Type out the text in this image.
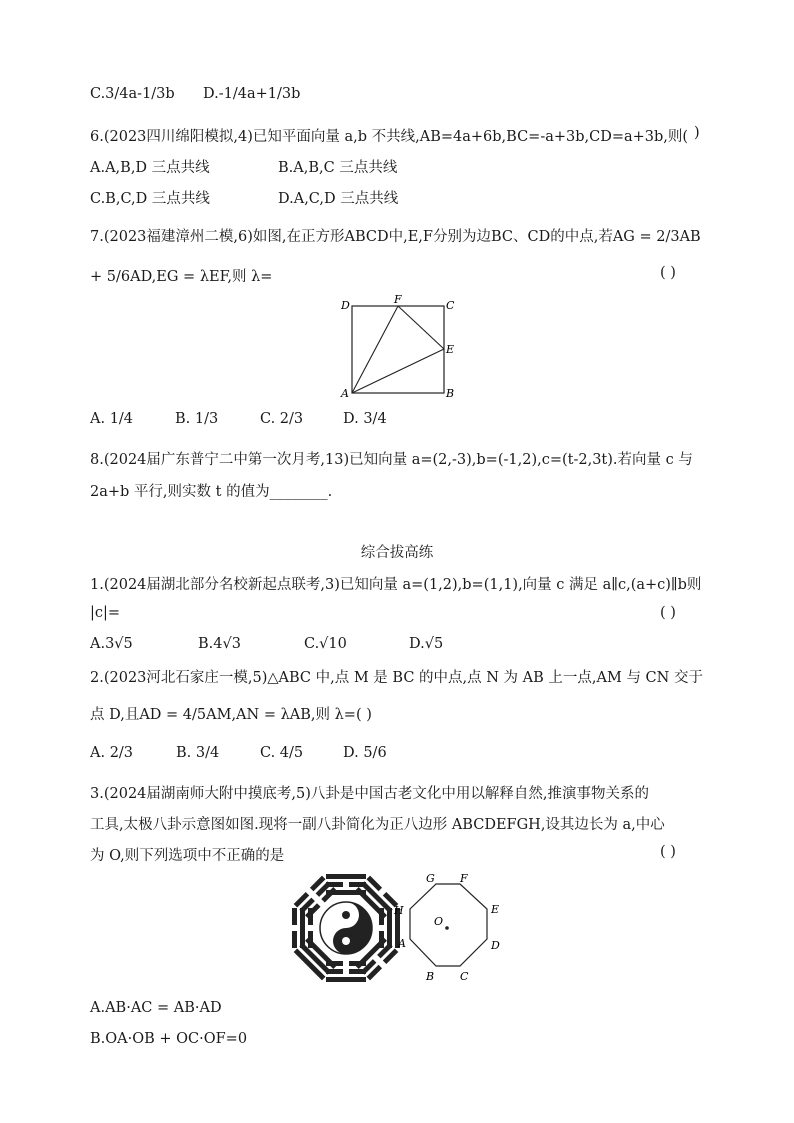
C.3/4a-1/3b D.-1/4a+1/3b
6.(2023四川绵阳模拟,4)已知平面向量 a,b 不共线,AB=4a+6b,BC=-a+3b,CD=a+3b,则( )
A.A,B,D 三点共线	B.A,B,C 三点共线
C.B,C,D 三点共线	D.A,C,D 三点共线
7.(2023福建漳州二模,6)如图,在正方形ABCD中,E,F分别为边BC、CD的中点,若AG = 2/3AB
+ 5/6AD,EG = λEF,则 λ=	( )
D	F	C
E
A	B
A. 1/4	B. 1/3	C. 2/3	D. 3/4
8.(2024届广东普宁二中第一次月考,13)已知向量 a=(2,-3),b=(-1,2),c=(t-2,3t).若向量 c 与
2a+b 平行,则实数 t 的值为________.
综合拔高练
1.(2024届湖北部分名校新起点联考,3)已知向量 a=(1,2),b=(1,1),向量 c 满足 a∥c,(a+c)∥b则
|c|=	( )
A.3√5	B.4√3	C.√10	D.√5
2.(2023河北石家庄一模,5)△ABC 中,点 M 是 BC 的中点,点 N 为 AB 上一点,AM 与 CN 交于
点 D,且AD = 4/5AM,AN = λAB,则 λ=( )
A. 2/3	B. 3/4	C. 4/5	D. 5/6
3.(2024届湖南师大附中摸底考,5)八卦是中国古老文化中用以解释自然,推演事物关系的
工具,太极八卦示意图如图.现将一副八卦简化为正八边形 ABCDEFGH,设其边长为 a,中心
为 O,则下列选项中不正确的是	( )
G F
E
D
C
B
A
H
O
A.AB·AC = AB·AD
B.OA·OB + OC·OF=0
